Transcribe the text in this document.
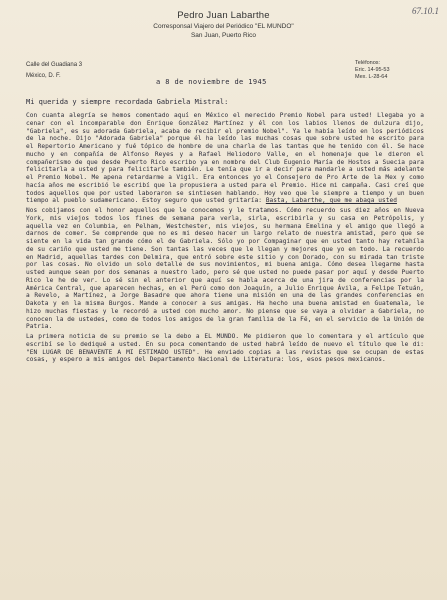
67.10.1
Pedro Juan Labarthe
Corresponsal Viajero del Periódico "EL MUNDO"
San Juan, Puerto Rico
Calle del Guadiana 3
México, D. F.
Teléfonos:
Eric. 14-95-53
Mex. L-28-64
a 8 de noviembre de 1945
Mi querida y siempre recordada Gabriela Mistral:

Con cuanta alegría se hemos comentado aquí en México el merecido Premio Nobel para usted! Llegaba yo a cenar con el incomparable don Enrique González Martínez y él con los labios llenos de dulzura dijo, "Gabriela", es su adorada Gabriela, acaba de recibir el premio Nobel". Ya le había leído en los periódicos de la noche. Dijo "Adorada Gabriela" porque él ha leído las muchas cosas que sobre usted he escrito para el Repertorio Americano y fué tópico de hombre de una charla de las tantas que he tenido con él. Se hace mucho y en compañía de Alfonso Reyes y a Rafael Heliodoro Valle, en el homenaje que le dieron el compañerismo de que desde Puerto Rico escribo ya en nombre del Club Eugenio María de Hostos a Suecia para felicitarla a usted y para felicitarle también. Le tenía que ir a decir para mandarle a usted más adelante el Premio Nobel. Me apena retardarme a Vigil. Era entonces yo el Consejero de Pro Arte de la Mex y como hacía años me escribió le escribí que la propusiera a usted para el Premio. Hice mi campaña. Casi creí que todos aquellos que por usted laboraron se sintiesen hablando. Hoy veo que le siempre a tiempo y un buen tiempo al pueblo sudamericano. Estoy seguro que usted gritaría: Basta, Labarthe, que me abaga usted

Nos cobijamos con el honor aquellos que le conocemos y le tratamos. Cómo recuerdo sus diez años en Nueva York, mis viejos todos los fines de semana para verla, sirla, escribirla y su casa en Petrópolis, y aquella vez en Columbia, en Pelham, Westchester, mis viejos, su hermana Emelina y el amigo que llegó a darnos de comer. Se comprende que no es mi deseo hacer un largo relato de nuestra amistad, pero que se siente en la vida tan grande cómo el de Gabriela. Sólo yo por Compaginar que en usted tanto hay retahíla de su cariño que usted me tiene. Son tantas las veces que le llegan y mejores que yo en todo. La recuerdo en Madrid, aquellas tardes con Delmira, que entró sobre este sitio y con Dorado, con su mirada tan triste por las cosas. No olvido un solo detalle de sus movimientos, mi buena amiga. Cómo desea llegarme hasta usted aunque sean por dos semanas a nuestro lado, pero sé que usted no puede pasar por aquí y desde Puerto Rico le he de ver. Lo sé sin el anterior que aquí se habla acerca de una jira de conferencias por la América Central, que aparecen hechas, en el Perú como don Joaquín, a Julio Enrique Ávila, a Felipe Tetuán, a Revelo, a Martínez, a Jorge Basadre que ahora tiene una misión en una de las grandes conferencias en Dakota y en la misma Burgos. Mande a conocer a sus amigas. Ha hecho una buena amistad en Guatemala, le hizo muchas fiestas y le recordó a usted con mucho amor. No piense que se vaya a olvidar a Gabriela, no conocen la de ustedes, como de todos los amigos de la gran familia de la Fé, en el servicio de la Unión de Patria.

La primera noticia de su premio se la debo a EL MUNDO. Me pidieron que lo comentara y el artículo que escribí se lo dediqué a usted. En su poca comentando de usted habrá leído de nuevo el título que le di: "EN LUGAR DE BENAVENTE A MI ESTIMADO USTED". He enviado copias a las revistas que se ocupan de estas cosas, y espero a mis amigos del Departamento Nacional de Literatura: los, esos pesos mexicanos.
